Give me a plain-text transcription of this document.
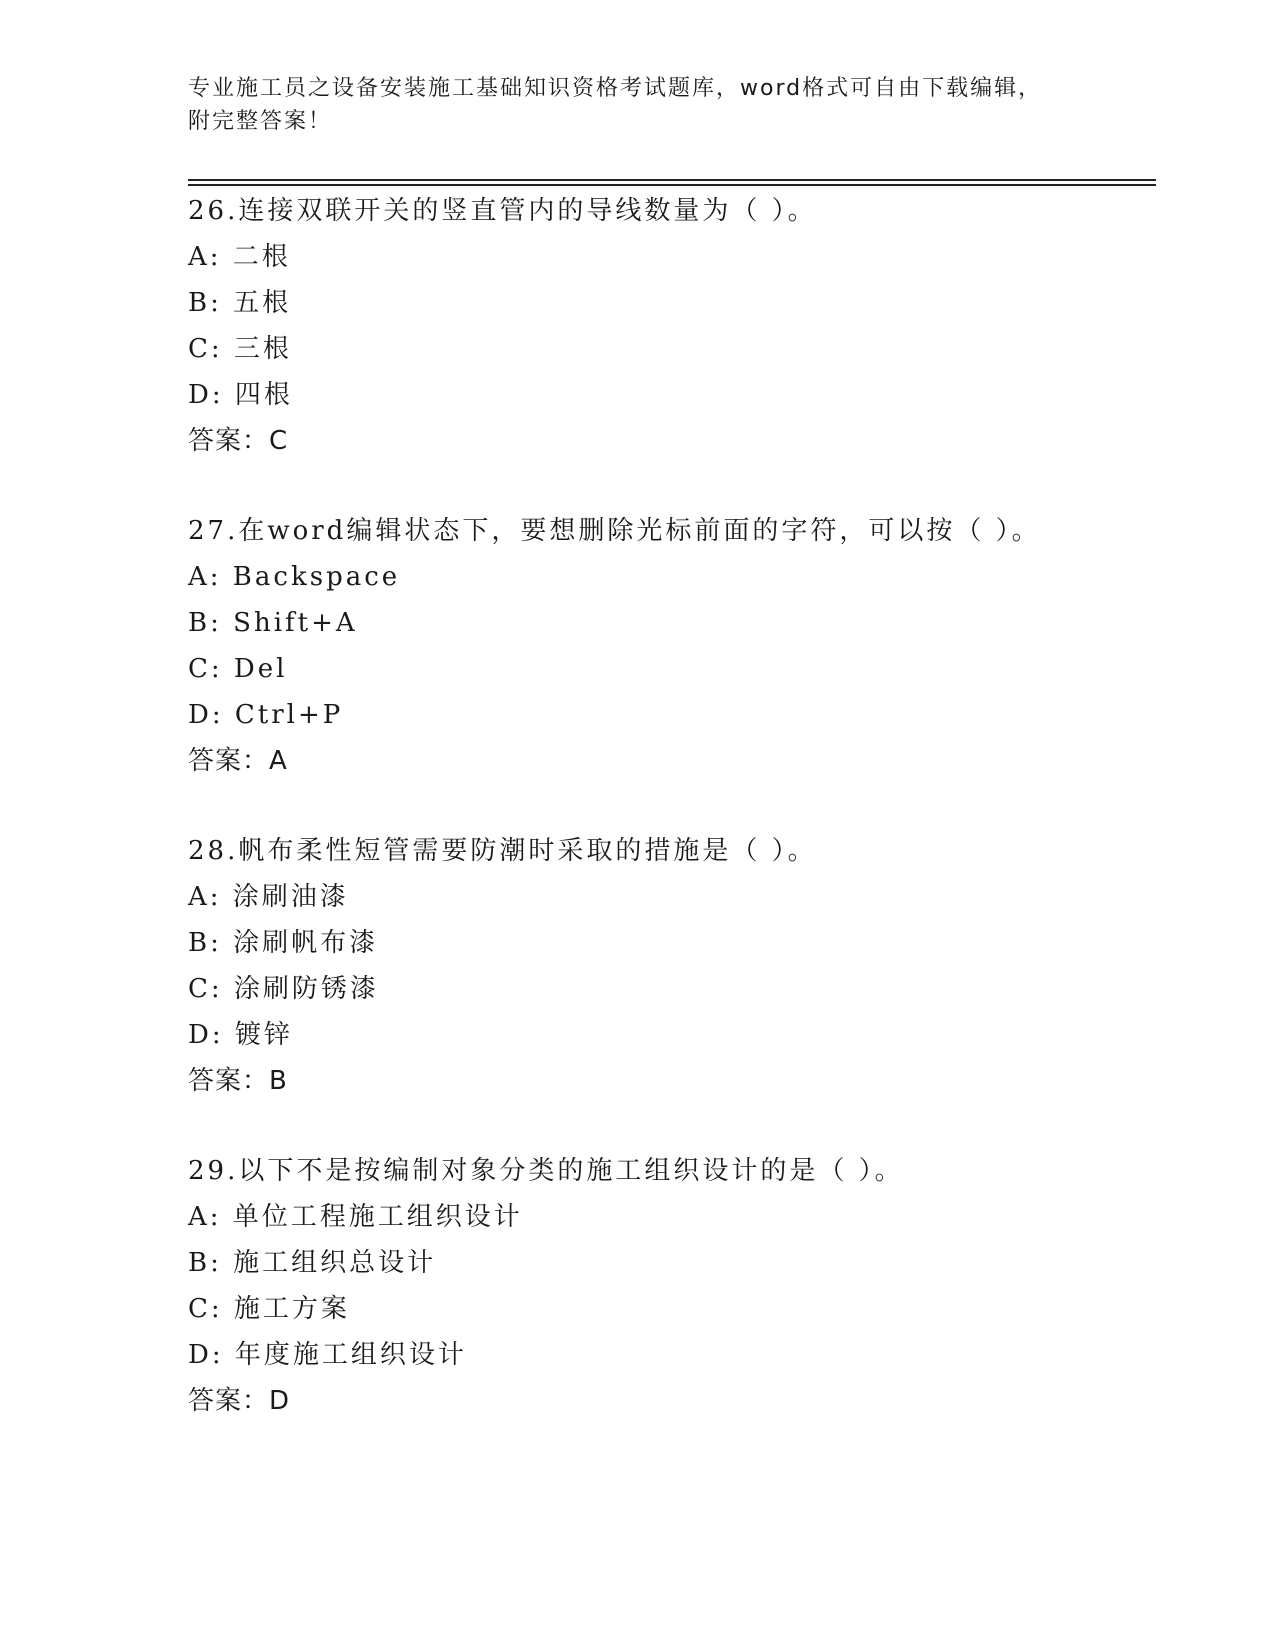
专业施工员之设备安装施工基础知识资格考试题库，word格式可自由下载编辑，

附完整答案！

26.连接双联开关的竖直管内的导线数量为（ ）。
A: 二根
B: 五根
C: 三根
D: 四根
答案：C
27.在word编辑状态下，要想删除光标前面的字符，可以按（ ）。
A: Backspace
B: Shift+A
C: Del
D: Ctrl+P
答案：A
28.帆布柔性短管需要防潮时采取的措施是（ ）。
A: 涂刷油漆
B: 涂刷帆布漆
C: 涂刷防锈漆
D: 镀锌
答案：B
29.以下不是按编制对象分类的施工组织设计的是（ ）。
A: 单位工程施工组织设计
B: 施工组织总设计
C: 施工方案
D: 年度施工组织设计
答案：D
